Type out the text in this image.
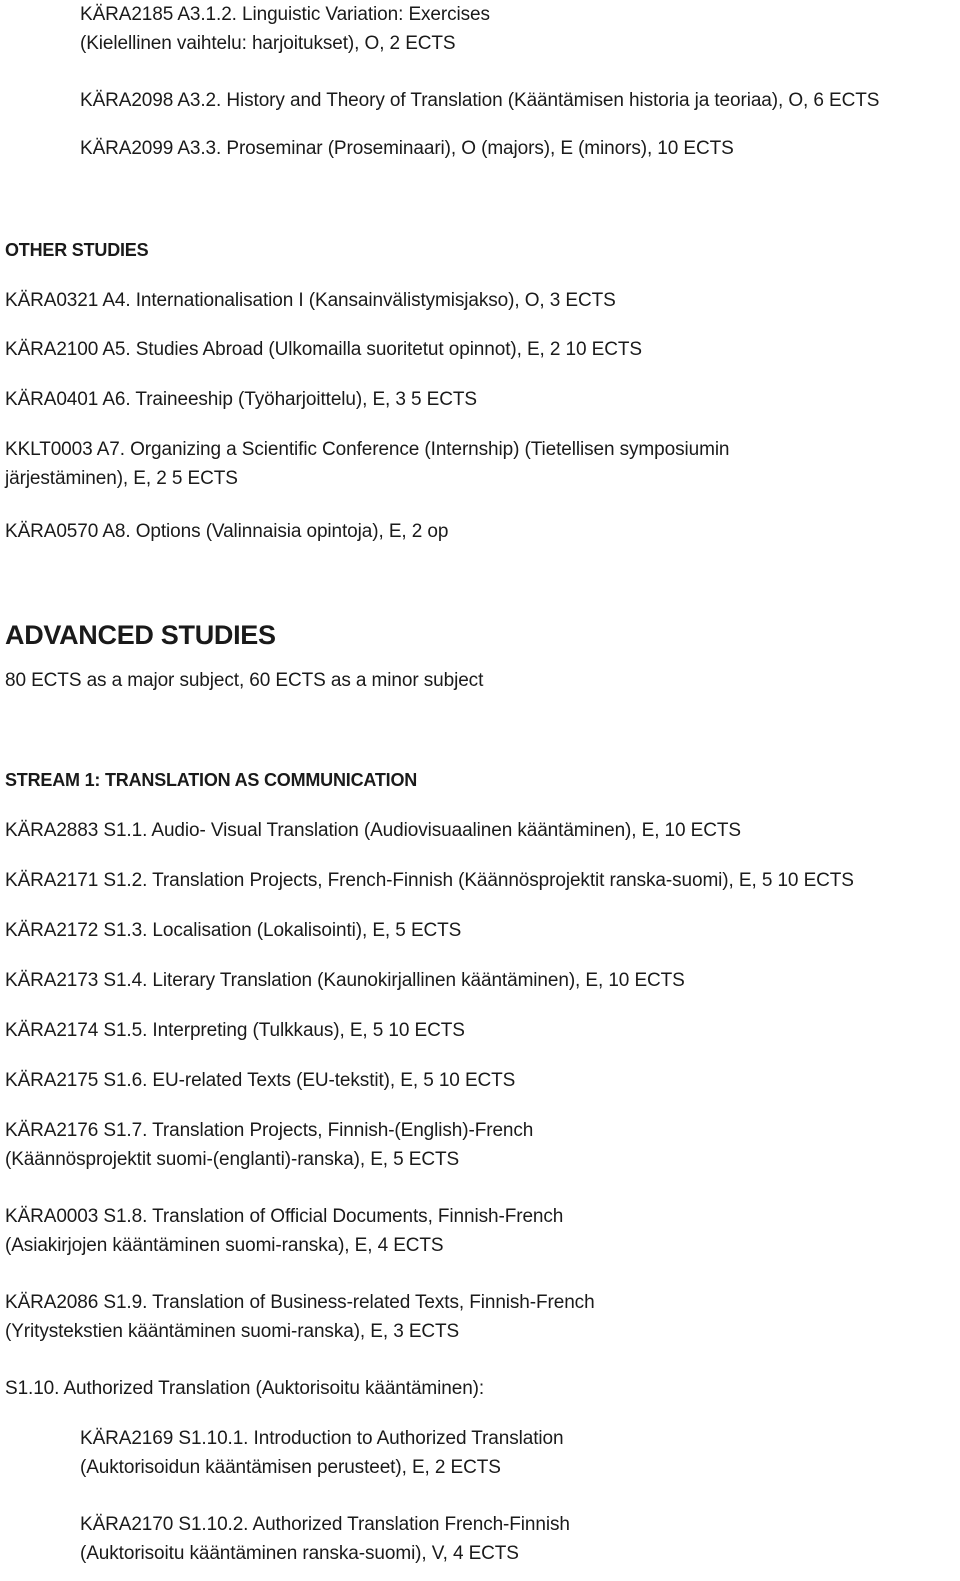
KÄRA2185 A3.1.2. Linguistic Variation: Exercises
(Kielellinen vaihtelu: harjoitukset), O, 2 ECTS
KÄRA2098 A3.2. History and Theory of Translation (Kääntämisen historia ja teoriaa), O, 6 ECTS
KÄRA2099 A3.3. Proseminar (Proseminaari), O (majors), E (minors), 10 ECTS
OTHER STUDIES
KÄRA0321 A4. Internationalisation I (Kansainvälistymisjakso), O, 3 ECTS
KÄRA2100 A5. Studies Abroad (Ulkomailla suoritetut opinnot), E, 2 10 ECTS
KÄRA0401 A6. Traineeship (Työharjoittelu), E, 3 5 ECTS
KKLT0003 A7. Organizing a Scientific Conference (Internship) (Tietellisen symposiumin
järjestäminen), E, 2 5 ECTS
KÄRA0570 A8. Options (Valinnaisia opintoja), E, 2 op
ADVANCED STUDIES
80 ECTS as a major subject, 60 ECTS as a minor subject
STREAM 1: TRANSLATION AS COMMUNICATION
KÄRA2883 S1.1. Audio- Visual Translation (Audiovisuaalinen kääntäminen), E, 10 ECTS
KÄRA2171 S1.2. Translation Projects, French-Finnish (Käännösprojektit ranska-suomi), E, 5 10 ECTS
KÄRA2172 S1.3. Localisation (Lokalisointi), E, 5 ECTS
KÄRA2173 S1.4. Literary Translation (Kaunokirjallinen kääntäminen), E, 10 ECTS
KÄRA2174 S1.5. Interpreting (Tulkkaus), E, 5 10 ECTS
KÄRA2175 S1.6. EU-related Texts (EU-tekstit), E, 5 10 ECTS
KÄRA2176 S1.7. Translation Projects, Finnish-(English)-French
(Käännösprojektit suomi-(englanti)-ranska), E, 5 ECTS
KÄRA0003 S1.8. Translation of Official Documents, Finnish-French
(Asiakirjojen kääntäminen suomi-ranska), E, 4 ECTS
KÄRA2086 S1.9. Translation of Business-related Texts, Finnish-French
(Yritystekstien kääntäminen suomi-ranska), E, 3 ECTS
S1.10. Authorized Translation (Auktorisoitu kääntäminen):
KÄRA2169 S1.10.1. Introduction to Authorized Translation
(Auktorisoidun kääntämisen perusteet), E, 2 ECTS
KÄRA2170 S1.10.2. Authorized Translation French-Finnish
(Auktorisoitu kääntäminen ranska-suomi), V, 4 ECTS
